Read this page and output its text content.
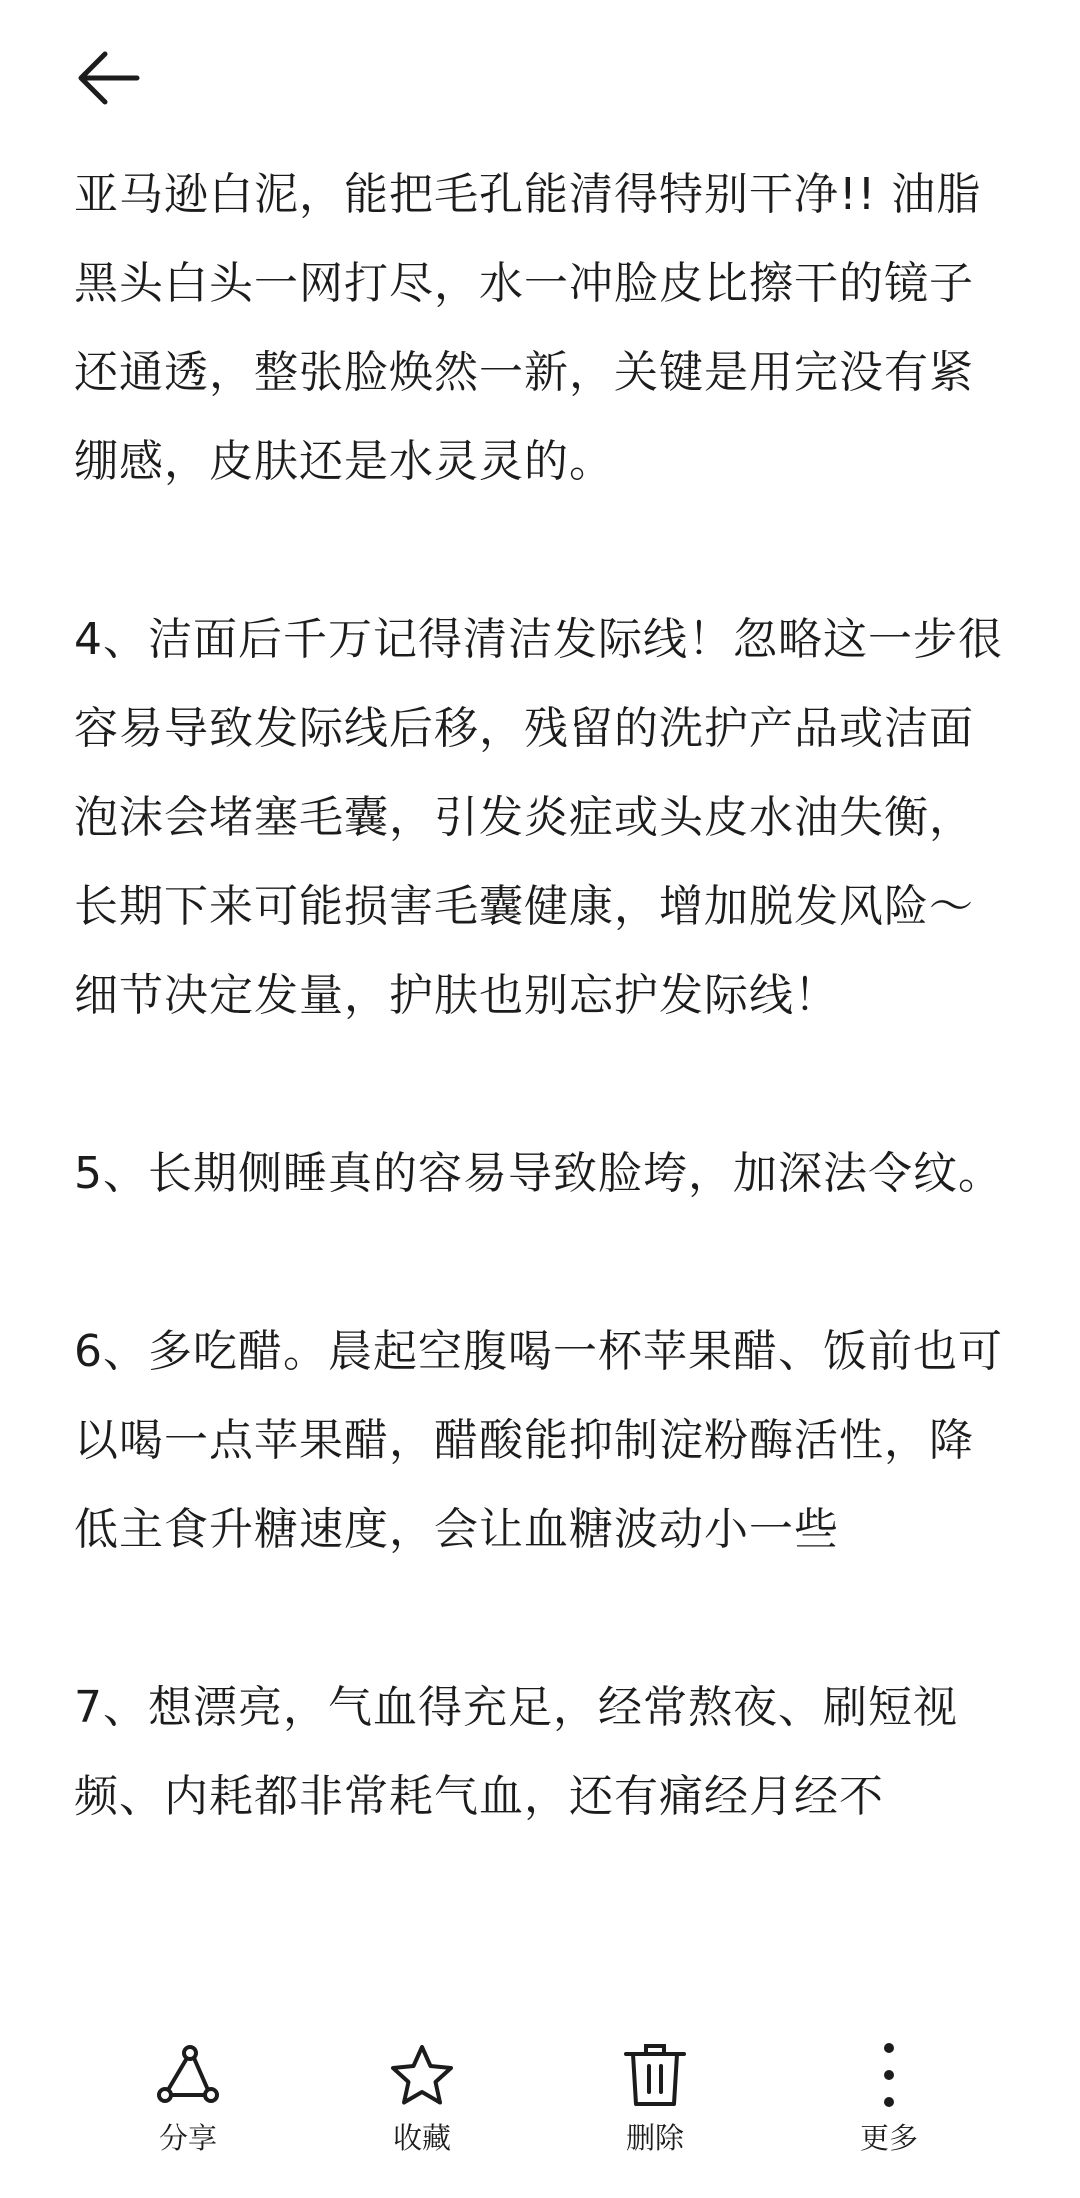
亚马逊白泥，能把毛孔能清得特别干净!! 油脂黑头白头一网打尽，水一冲脸皮比擦干的镜子还通透，整张脸焕然一新，关键是用完没有紧绷感，皮肤还是水灵灵的。

4、洁面后千万记得清洁发际线！忽略这一步很容易导致发际线后移，残留的洗护产品或洁面泡沫会堵塞毛囊，引发炎症或头皮水油失衡，长期下来可能损害毛囊健康，增加脱发风险～细节决定发量，护肤也别忘护发际线！

5、长期侧睡真的容易导致脸垮，加深法令纹。

6、多吃醋。晨起空腹喝一杯苹果醋、饭前也可以喝一点苹果醋，醋酸能抑制淀粉酶活性，降低主食升糖速度，会让血糖波动小一些

7、想漂亮，气血得充足，经常熬夜、刷短视频、内耗都非常耗气血，还有痛经月经不

分享	收藏	删除	更多
